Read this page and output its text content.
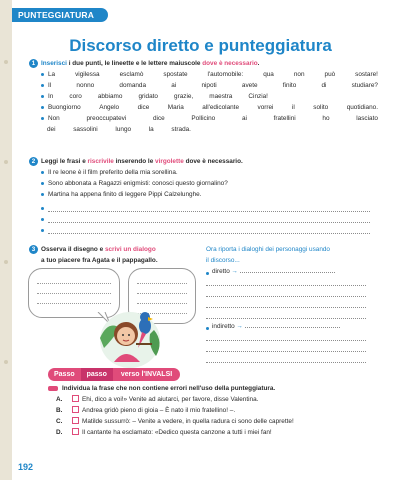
PUNTEGGIATURA
Discorso diretto e punteggiatura
1 Inserisci i due punti, le lineette e le lettere maiuscole dove è necessario.
La	vigilessa	esclamò	spostate	l'automobile:	qua	non	può	sostare!
Il	nonno	domanda	ai	nipoti	avete	finito	di	studiare?
In	coro	abbiamo	gridato	grazie,	maestra	Cinzia!
Buongiorno	Angelo	dice	Maria	all'edicolante	vorrei	il	solito	quotidiano.
Non	preoccupatevi	dice	Pollicino	ai	fratellini	ho	lasciato
dei	sassolini	lungo	la	strada.
2 Leggi le frasi e riscrivile inserendo le virgolette dove è necessario.
Il re leone è il film preferito della mia sorellina.
Sono abbonata a Ragazzi enigmisti: conosci questo giornalino?
Martina ha appena finito di leggere Pippi Calzelunghe.
3 Osserva il disegno e scrivi un dialogo
a tuo piacere fra Agata e il pappagallo.
Ora riporta i dialoghi dei personaggi usando
il discorso...
diretto →
indiretto →
Passo	passo	verso l'INVALSI
Individua la frase che non contiene errori nell'uso della punteggiatura.
A.	Ehi, dico a voi!» Venite ad aiutarci, per favore, disse Valentina.
B.	Andrea gridò pieno di gioia – È nato il mio fratellino! –.
C.	Matilde sussurrò: – Venite a vedere, in quella radura ci sono delle caprette!
D.	Il cantante ha esclamato: «Dedico questa canzone a tutti i miei fan!
192
